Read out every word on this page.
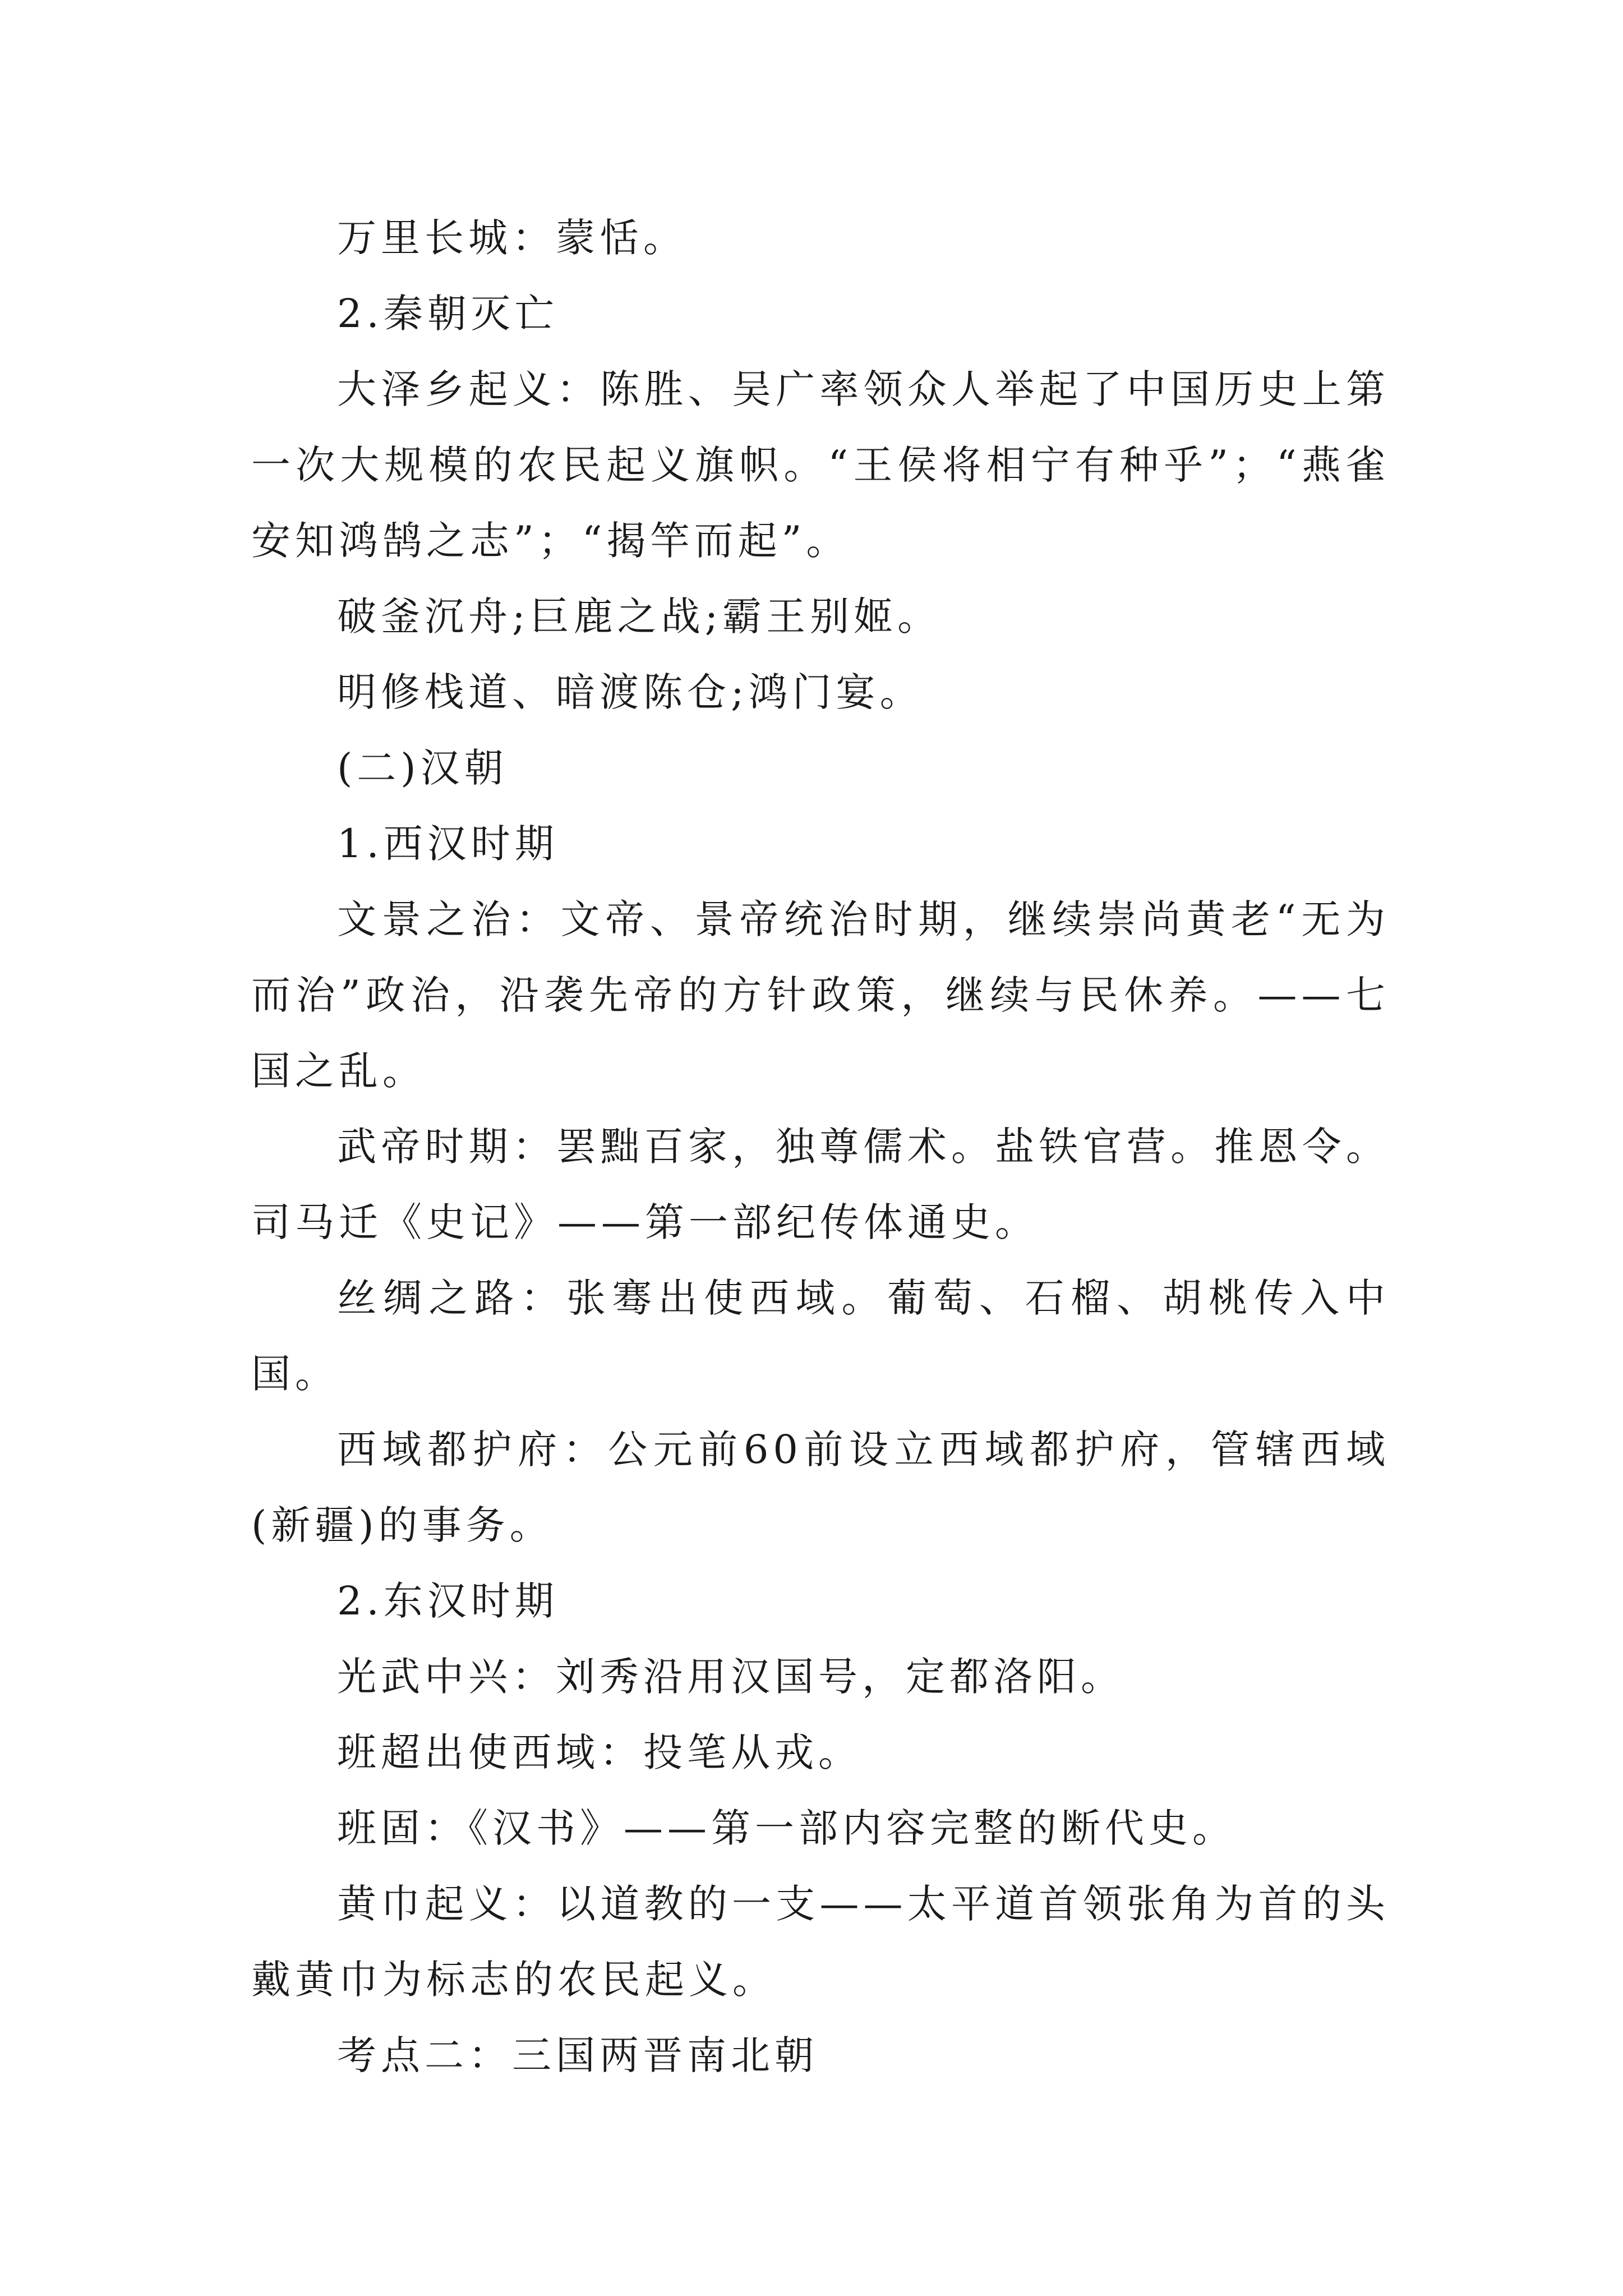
万里长城：蒙恬。

2.秦朝灭亡

大泽乡起义：陈胜、吴广率领众人举起了中国历史上第一次大规模的农民起义旗帜。“王侯将相宁有种乎”；“燕雀安知鸿鹄之志”；“揭竿而起”。

破釜沉舟;巨鹿之战;霸王别姬。

明修栈道、暗渡陈仓;鸿门宴。

(二)汉朝

1.西汉时期

文景之治：文帝、景帝统治时期，继续崇尚黄老“无为而治”政治，沿袭先帝的方针政策，继续与民休养。——七国之乱。

武帝时期：罢黜百家，独尊儒术。盐铁官营。推恩令。司马迁《史记》——第一部纪传体通史。

丝绸之路：张骞出使西域。葡萄、石榴、胡桃传入中国。

西域都护府：公元前60前设立西域都护府，管辖西域(新疆)的事务。

2.东汉时期

光武中兴：刘秀沿用汉国号，定都洛阳。

班超出使西域：投笔从戎。

班固：《汉书》——第一部内容完整的断代史。

黄巾起义：以道教的一支——太平道首领张角为首的头戴黄巾为标志的农民起义。

考点二：三国两晋南北朝
